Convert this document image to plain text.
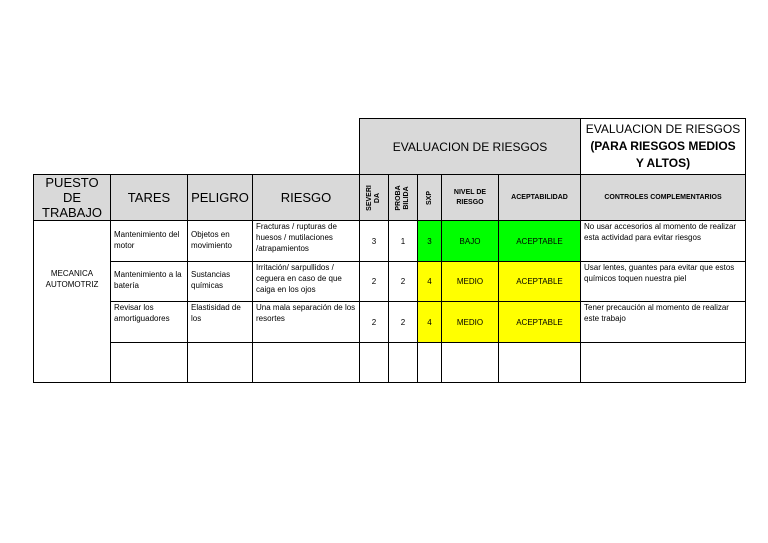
				EVALUACION DE RIESGOS					EVALUACION DE RIESGOS
(PARA RIESGOS MEDIOS
Y ALTOS)

PUESTO DE TRABAJO	TARES	PELIGRO	RIESGO	SEVERI DA	PROBA BILIDA	SXP	NIVEL DE RIESGO	ACEPTABILIDAD	CONTROLES COMPLEMENTARIOS
MECANICA AUTOMOTRIZ	Mantenimiento del motor	Objetos en movimiento	Fracturas / rupturas de huesos / mutilaciones /atrapamientos	3	1	3	BAJO	ACEPTABLE	No usar accesorios al momento de realizar esta actividad para evitar riesgos
	Mantenimiento a la batería	Sustancias químicas	Irritación/ sarpullidos / ceguera en caso de que caiga en los ojos	2	2	4	MEDIO	ACEPTABLE	Usar lentes, guantes para evitar que estos químicos toquen nuestra piel
	Revisar los amortiguadores	Elastisidad de los	Una mala separación de los resortes	2	2	4	MEDIO	ACEPTABLE	Tener precaución al momento de realizar este trabajo
